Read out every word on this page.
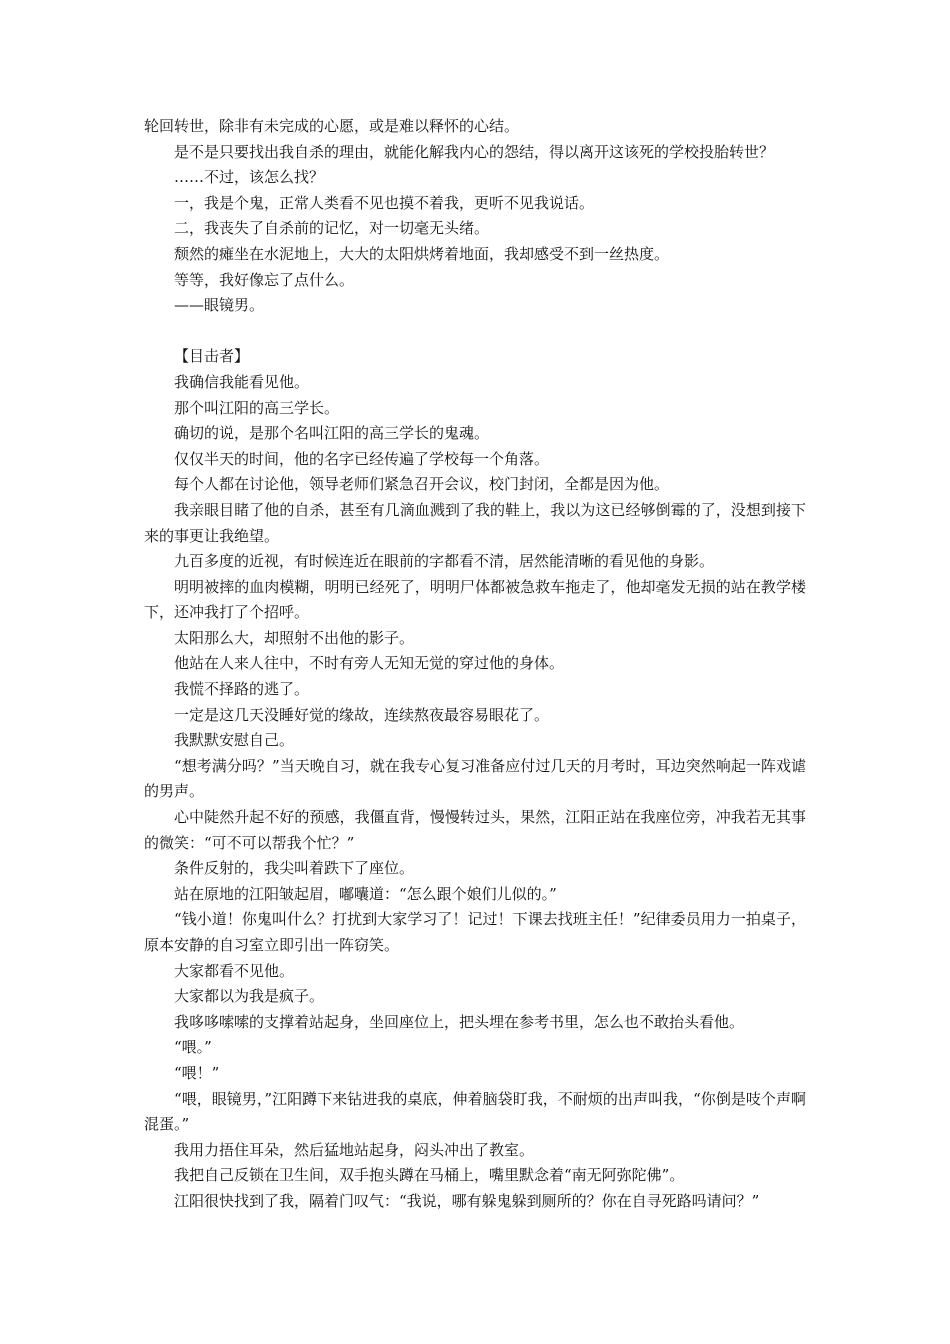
轮回转世，除非有未完成的心愿，或是难以释怀的心结。

是不是只要找出我自杀的理由，就能化解我内心的怨结，得以离开这该死的学校投胎转世？

……不过，该怎么找？

一，我是个鬼，正常人类看不见也摸不着我，更听不见我说话。

二，我丧失了自杀前的记忆，对一切毫无头绪。

颓然的瘫坐在水泥地上，大大的太阳烘烤着地面，我却感受不到一丝热度。

等等，我好像忘了点什么。

——眼镜男。

【目击者】

我确信我能看见他。

那个叫江阳的高三学长。

确切的说，是那个名叫江阳的高三学长的鬼魂。

仅仅半天的时间，他的名字已经传遍了学校每一个角落。

每个人都在讨论他，领导老师们紧急召开会议，校门封闭，全都是因为他。

我亲眼目睹了他的自杀，甚至有几滴血溅到了我的鞋上，我以为这已经够倒霉的了，没想到接下来的事更让我绝望。

九百多度的近视，有时候连近在眼前的字都看不清，居然能清晰的看见他的身影。

明明被摔的血肉模糊，明明已经死了，明明尸体都被急救车拖走了，他却毫发无损的站在教学楼下，还冲我打了个招呼。

太阳那么大，却照射不出他的影子。

他站在人来人往中，不时有旁人无知无觉的穿过他的身体。

我慌不择路的逃了。

一定是这几天没睡好觉的缘故，连续熬夜最容易眼花了。

我默默安慰自己。

“想考满分吗？”当天晚自习，就在我专心复习准备应付过几天的月考时，耳边突然响起一阵戏谑的男声。

心中陡然升起不好的预感，我僵直背，慢慢转过头，果然，江阳正站在我座位旁，冲我若无其事的微笑：“可不可以帮我个忙？”

条件反射的，我尖叫着跌下了座位。

站在原地的江阳皱起眉，嘟囔道：“怎么跟个娘们儿似的。”

“钱小道！你鬼叫什么？打扰到大家学习了！记过！下课去找班主任！”纪律委员用力一拍桌子，原本安静的自习室立即引出一阵窃笑。

大家都看不见他。

大家都以为我是疯子。

我哆哆嗦嗦的支撑着站起身，坐回座位上，把头埋在参考书里，怎么也不敢抬头看他。

“喂。”

“喂！”

“喂，眼镜男，”江阳蹲下来钻进我的桌底，伸着脑袋盯我，不耐烦的出声叫我，“你倒是吱个声啊混蛋。”

我用力捂住耳朵，然后猛地站起身，闷头冲出了教室。

我把自己反锁在卫生间，双手抱头蹲在马桶上，嘴里默念着“南无阿弥陀佛”。

江阳很快找到了我，隔着门叹气：“我说，哪有躲鬼躲到厕所的？你在自寻死路吗请问？”
